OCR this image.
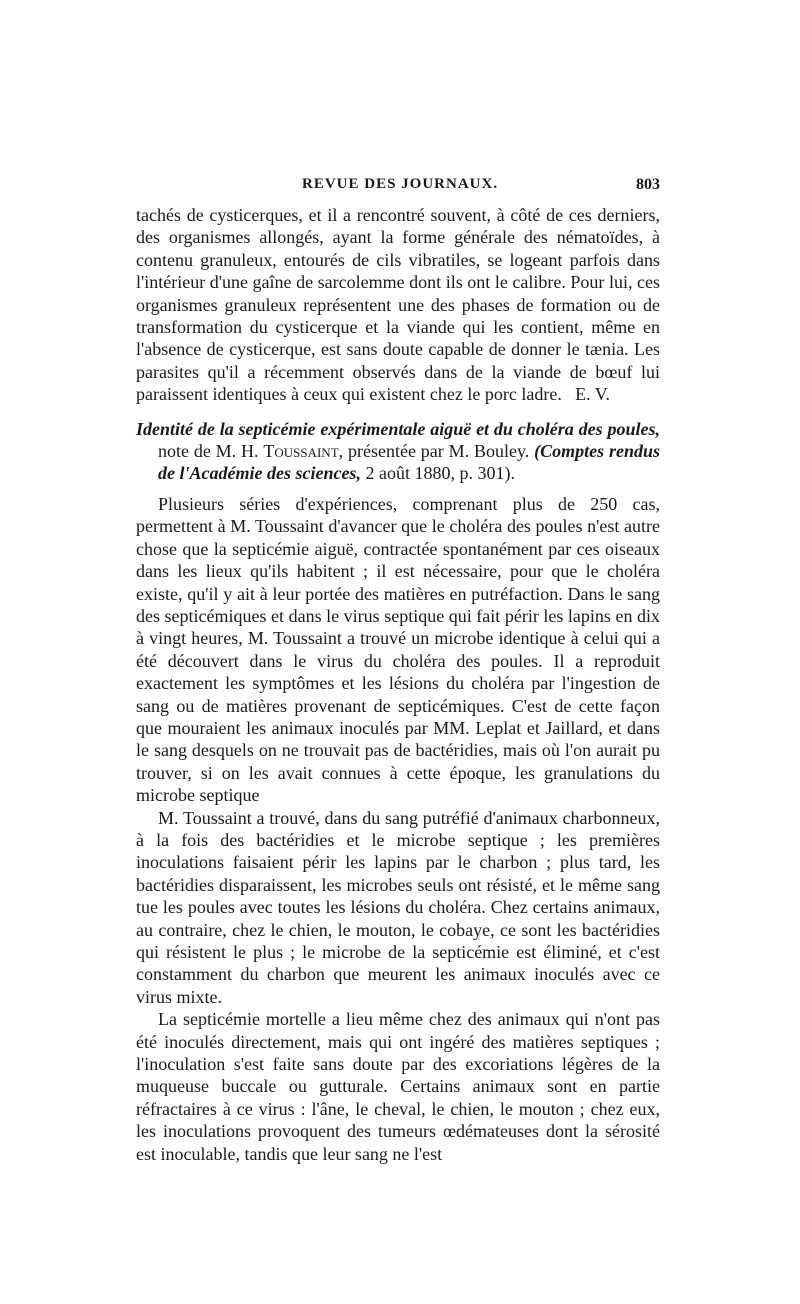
REVUE DES JOURNAUX.	803

tachés de cysticerques, et il a rencontré souvent, à côté de ces derniers, des organismes allongés, ayant la forme générale des nématoïdes, à contenu granuleux, entourés de cils vibratiles, se logeant parfois dans l'intérieur d'une gaîne de sarcolemme dont ils ont le calibre. Pour lui, ces organismes granuleux représentent une des phases de formation ou de transformation du cysticerque et la viande qui les contient, même en l'absence de cysticerque, est sans doute capable de donner le tænia. Les parasites qu'il a récemment observés dans de la viande de bœuf lui paraissent identiques à ceux qui existent chez le porc ladre. E. V.

Identité de la septicémie expérimentale aiguë et du choléra des poules, note de M. H. Toussaint, présentée par M. Bouley. (Comptes rendus de l'Académie des sciences, 2 août 1880, p. 301).

Plusieurs séries d'expériences, comprenant plus de 250 cas, permettent à M. Toussaint d'avancer que le choléra des poules n'est autre chose que la septicémie aiguë, contractée spontanément par ces oiseaux dans les lieux qu'ils habitent ; il est nécessaire, pour que le choléra existe, qu'il y ait à leur portée des matières en putréfaction. Dans le sang des septicémiques et dans le virus septique qui fait périr les lapins en dix à vingt heures, M. Toussaint a trouvé un microbe identique à celui qui a été découvert dans le virus du choléra des poules. Il a reproduit exactement les symptômes et les lésions du choléra par l'ingestion de sang ou de matières provenant de septicémiques. C'est de cette façon que mouraient les animaux inoculés par MM. Leplat et Jaillard, et dans le sang desquels on ne trouvait pas de bactéridies, mais où l'on aurait pu trouver, si on les avait connues à cette époque, les granulations du microbe septique

M. Toussaint a trouvé, dans du sang putréfié d'animaux charbonneux, à la fois des bactéridies et le microbe septique ; les premières inoculations faisaient périr les lapins par le charbon ; plus tard, les bactéridies disparaissent, les microbes seuls ont résisté, et le même sang tue les poules avec toutes les lésions du choléra. Chez certains animaux, au contraire, chez le chien, le mouton, le cobaye, ce sont les bactéridies qui résistent le plus ; le microbe de la septicémie est éliminé, et c'est constamment du charbon que meurent les animaux inoculés avec ce virus mixte.

La septicémie mortelle a lieu même chez des animaux qui n'ont pas été inoculés directement, mais qui ont ingéré des matières septiques ; l'inoculation s'est faite sans doute par des excoriations légères de la muqueuse buccale ou gutturale. Certains animaux sont en partie réfractaires à ce virus : l'âne, le cheval, le chien, le mouton ; chez eux, les inoculations provoquent des tumeurs œdémateuses dont la sérosité est inoculable, tandis que leur sang ne l'est
